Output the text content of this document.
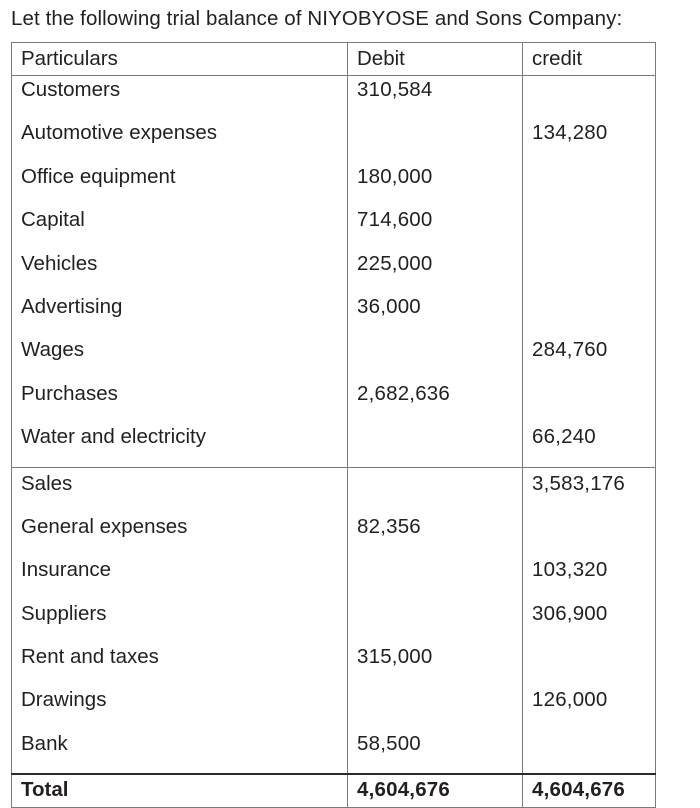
Let the following trial balance of NIYOBYOSE and Sons Company:
Particulars	Debit	credit
Customers	310,584	
Automotive expenses		134,280
Office equipment	180,000	
Capital	714,600	
Vehicles	225,000	
Advertising	36,000	
Wages		284,760
Purchases	2,682,636	
Water and electricity		66,240
Sales		3,583,176
General expenses	82,356	
Insurance		103,320
Suppliers		306,900
Rent and taxes	315,000	
Drawings		126,000
Bank	58,500	
Total	4,604,676	4,604,676
